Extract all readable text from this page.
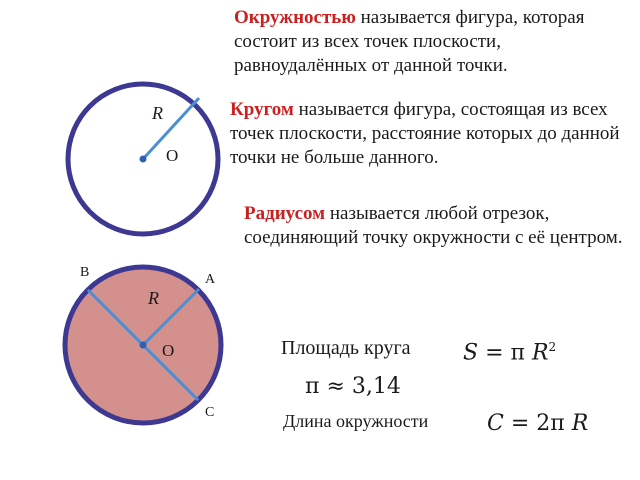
Окружностью называется фигура, которая состоит из всех точек плоскости, равноудалённых от данной точки.

Кругом называется фигура, состоящая из всех точек плоскости, расстояние которых до данной точки не больше данного.

Радиусом называется любой отрезок, соединяющий точку окружности с её центром.

R
O
B	A
R
O
C
Площадь круга S = π $R^2$
π ≈ 3,14
Длина окружности	C = 2π R
